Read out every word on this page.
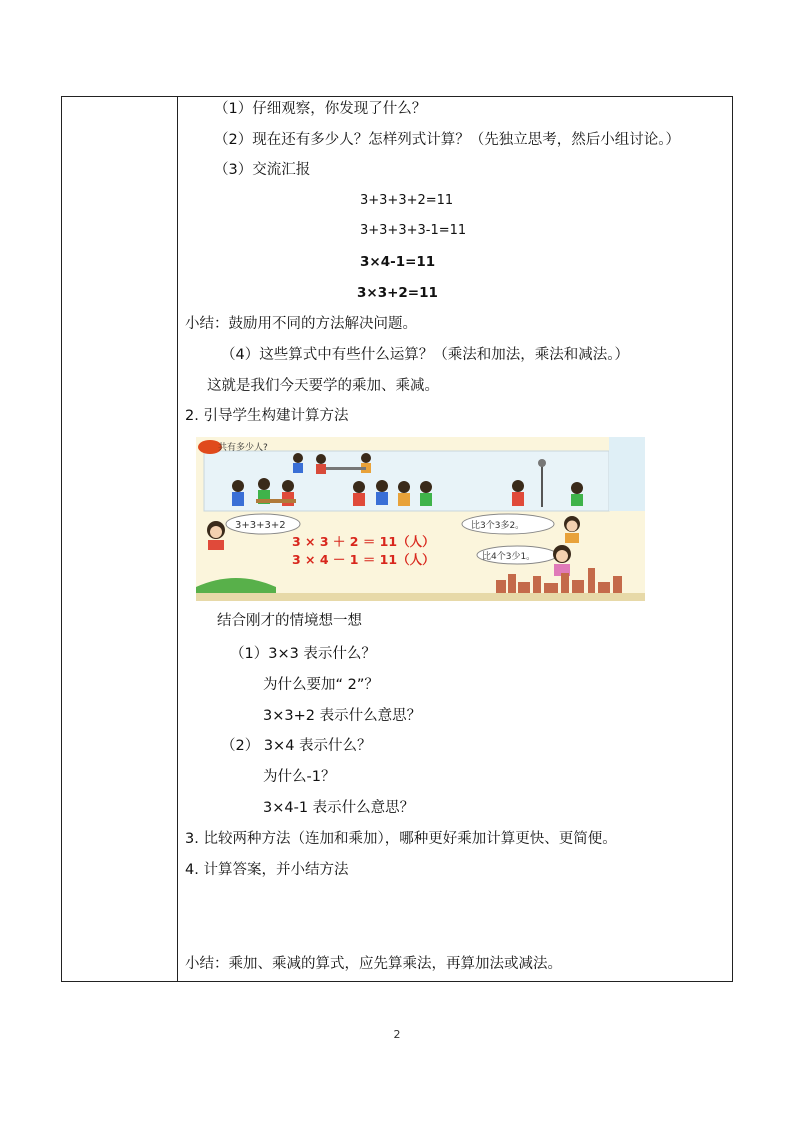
（1）仔细观察，你发现了什么？
（2）现在还有多少人？怎样列式计算？（先独立思考，然后小组讨论。）
（3）交流汇报
3+3+3+2=11
3+3+3+3-1=11
3×4-1=11
3×3+2=11
小结：鼓励用不同的方法解决问题。
（4）这些算式中有些什么运算？（乘法和加法，乘法和减法。）
这就是我们今天要学的乘加、乘减。
2. 引导学生构建计算方法
共有多少人?
3+3+3+2	比3个3多2。
比4个3少1。
3 × 3 ＋ 2 ＝ 11（人）
3 × 4 － 1 ＝ 11（人）
结合刚才的情境想一想
（1）3×3 表示什么？
为什么要加“ 2”？
3×3+2 表示什么意思？
（2） 3×4 表示什么？
为什么-1？
3×4-1 表示什么意思？
3. 比较两种方法（连加和乘加），哪种更好乘加计算更快、更简便。
4. 计算答案，并小结方法
小结：乘加、乘减的算式，应先算乘法，再算加法或减法。
2
